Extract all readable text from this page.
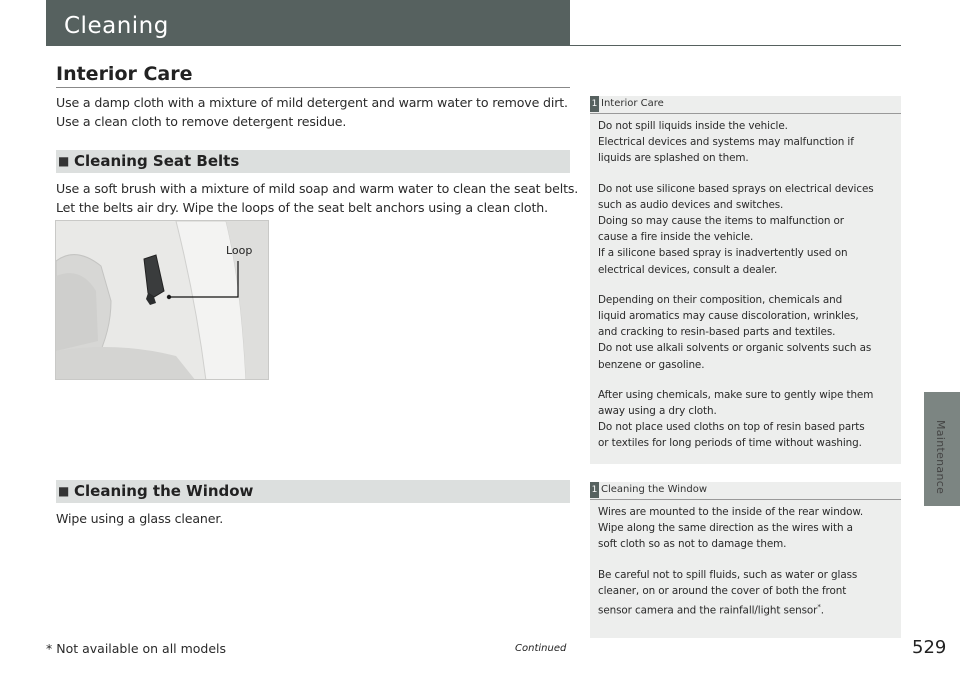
Cleaning
Maintenance
Interior Care
Use a damp cloth with a mixture of mild detergent and warm water to remove dirt.
Use a clean cloth to remove detergent residue.
■ Cleaning Seat Belts
Use a soft brush with a mixture of mild soap and warm water to clean the seat belts.
Let the belts air dry. Wipe the loops of the seat belt anchors using a clean cloth.
Loop
■ Cleaning the Window
Wipe using a glass cleaner.
1 Interior Care

Do not spill liquids inside the vehicle.

Electrical devices and systems may malfunction if

liquids are splashed on them.

Do not use silicone based sprays on electrical devices

such as audio devices and switches.

Doing so may cause the items to malfunction or

cause a fire inside the vehicle.

If a silicone based spray is inadvertently used on

electrical devices, consult a dealer.

Depending on their composition, chemicals and

liquid aromatics may cause discoloration, wrinkles,

and cracking to resin-based parts and textiles.

Do not use alkali solvents or organic solvents such as

benzene or gasoline.

After using chemicals, make sure to gently wipe them

away using a dry cloth.

Do not place used cloths on top of resin based parts

or textiles for long periods of time without washing.

1 Cleaning the Window

Wires are mounted to the inside of the rear window.

Wipe along the same direction as the wires with a

soft cloth so as not to damage them.

Be careful not to spill fluids, such as water or glass

cleaner, on or around the cover of both the front

sensor camera and the rainfall/light sensor*.

* Not available on all models	Continued	529
